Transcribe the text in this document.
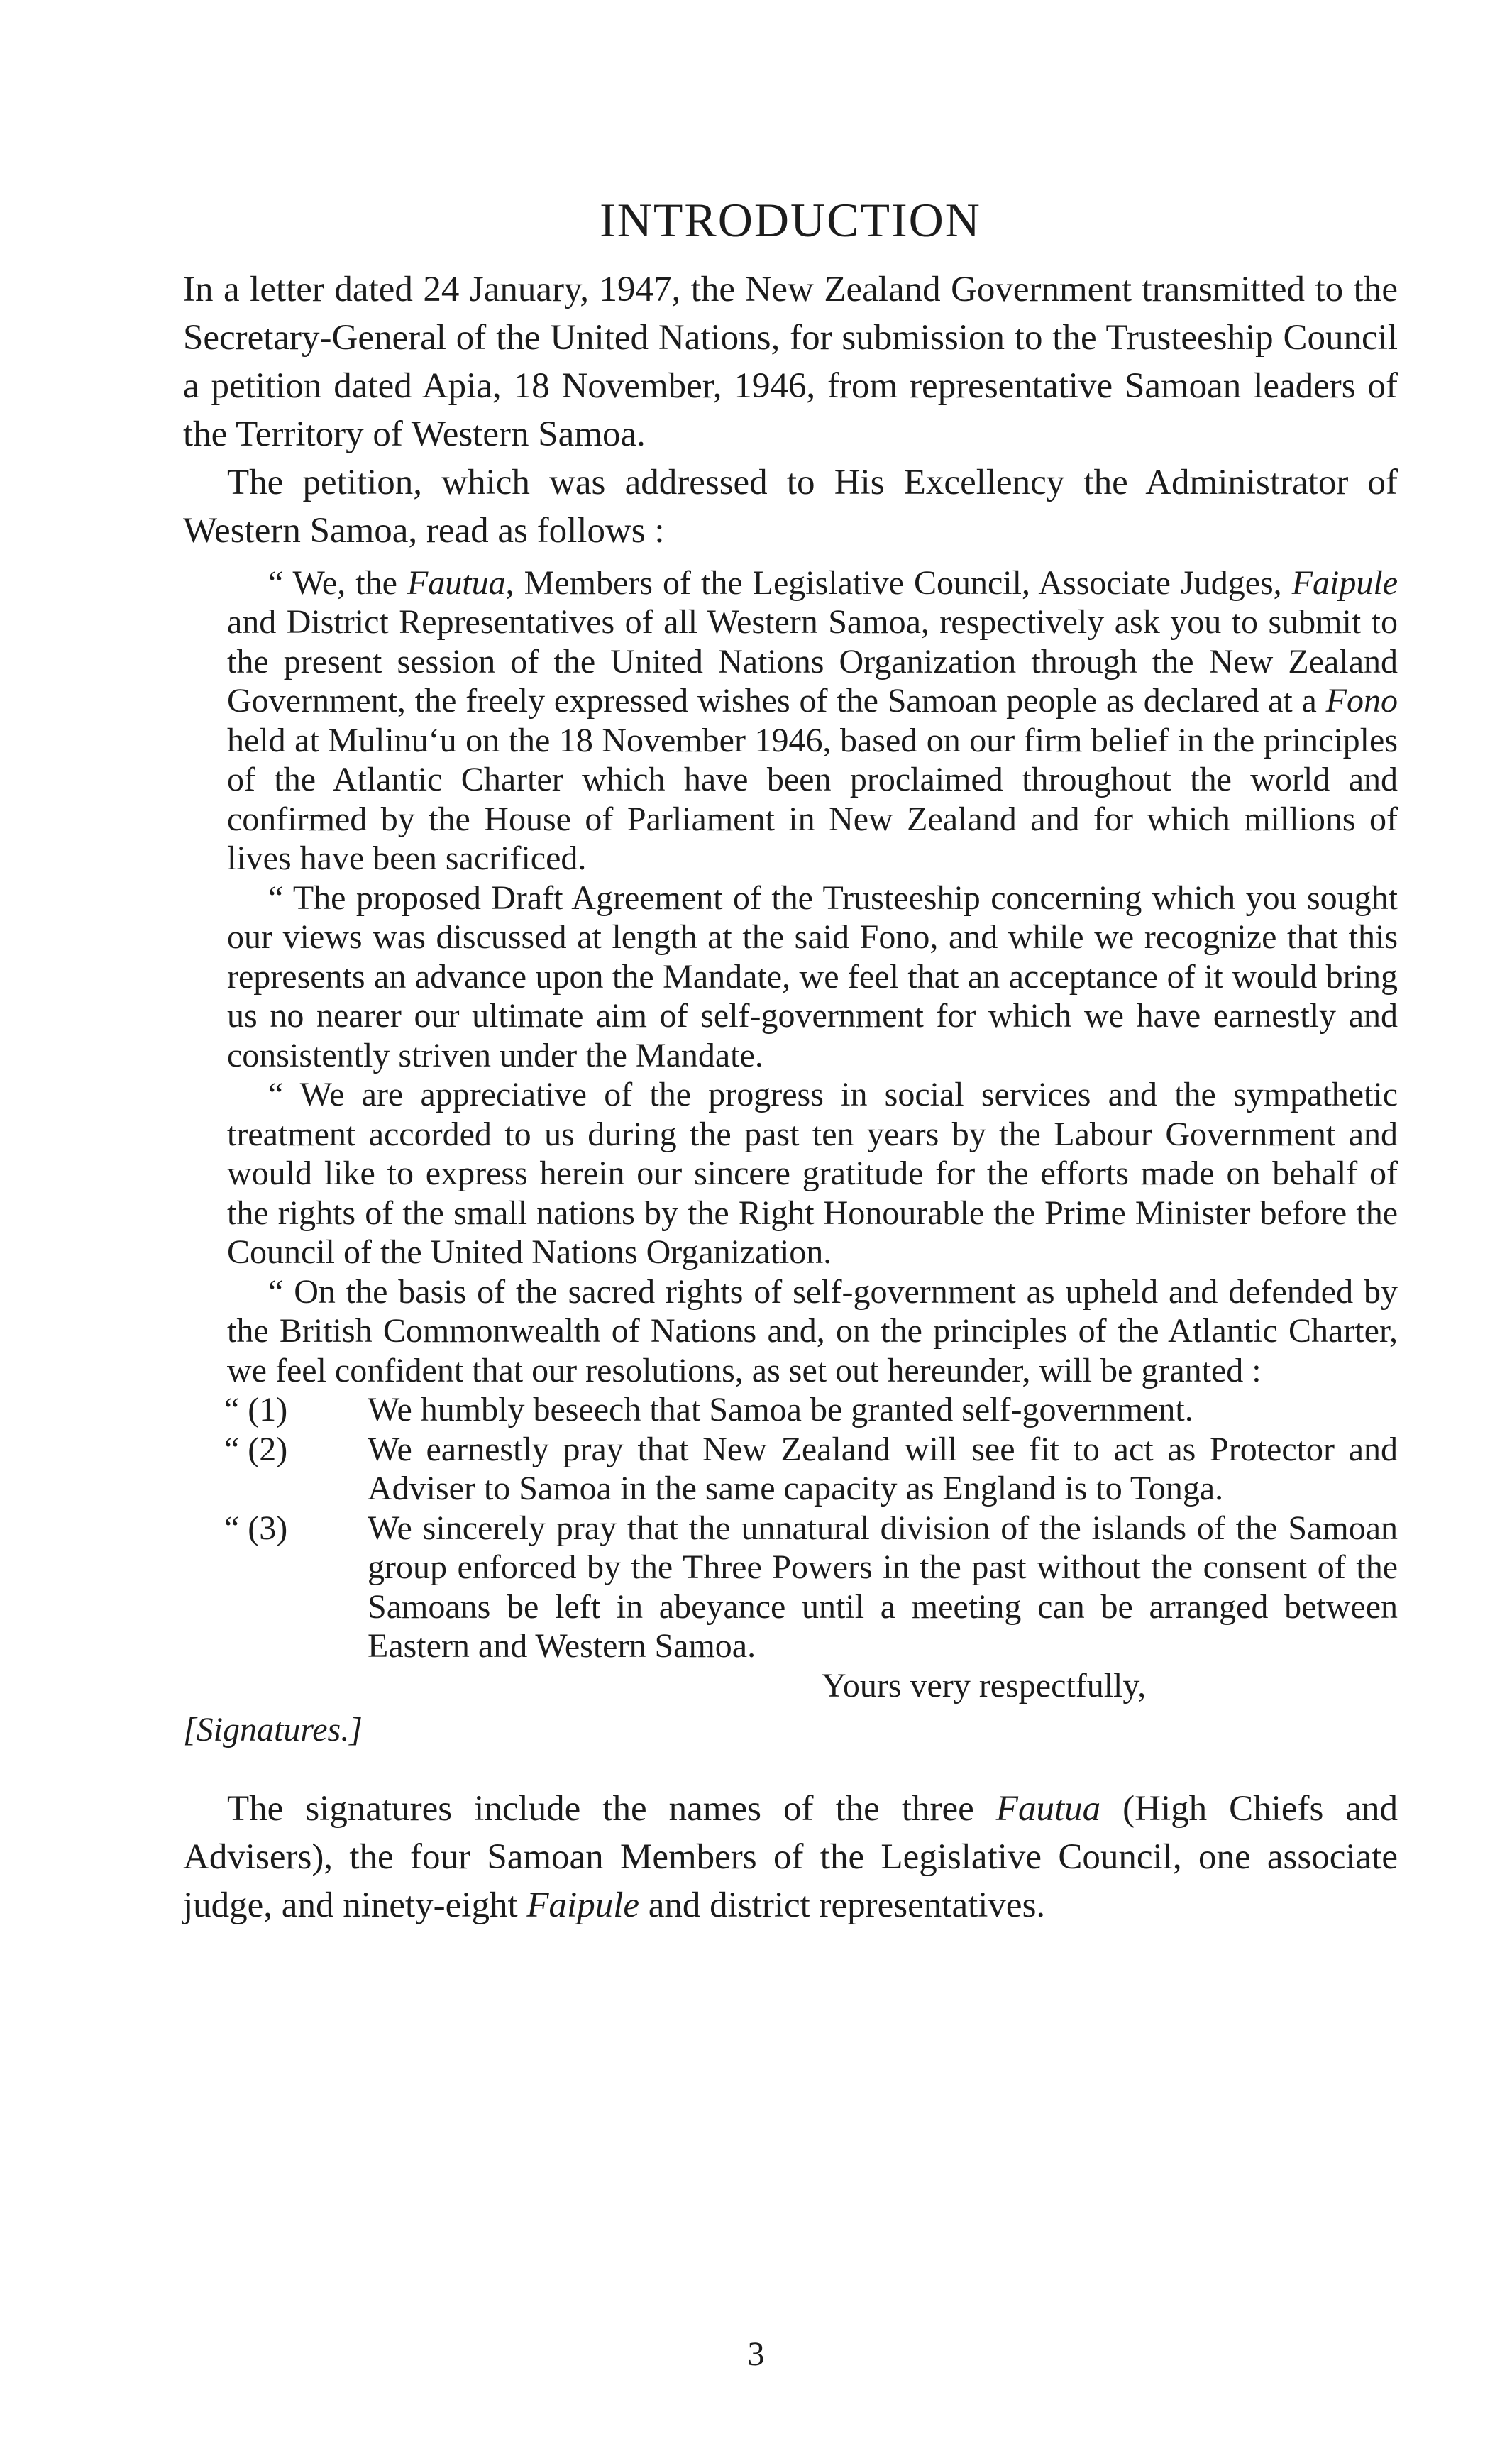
INTRODUCTION

In a letter dated 24 January, 1947, the New Zealand Government transmitted to the Secretary-General of the United Nations, for submission to the Trusteeship Council a petition dated Apia, 18 November, 1946, from representative Samoan leaders of the Territory of Western Samoa.

The petition, which was addressed to His Excellency the Administrator of Western Samoa, read as follows :

“ We, the Fautua, Members of the Legislative Council, Associate Judges, Faipule and District Representatives of all Western Samoa, respectively ask you to submit to the present session of the United Nations Organization through the New Zealand Government, the freely expressed wishes of the Samoan people as declared at a Fono held at Mulinu‘u on the 18 November 1946, based on our firm belief in the principles of the Atlantic Charter which have been proclaimed throughout the world and confirmed by the House of Parliament in New Zealand and for which millions of lives have been sacrificed.

“ The proposed Draft Agreement of the Trusteeship concerning which you sought our views was discussed at length at the said Fono, and while we recognize that this represents an advance upon the Mandate, we feel that an acceptance of it would bring us no nearer our ultimate aim of self-government for which we have earnestly and consistently striven under the Mandate.

“ We are appreciative of the progress in social services and the sympathetic treatment accorded to us during the past ten years by the Labour Government and would like to express herein our sincere gratitude for the efforts made on behalf of the rights of the small nations by the Right Honourable the Prime Minister before the Council of the United Nations Organization.

“ On the basis of the sacred rights of self-government as upheld and defended by the British Commonwealth of Nations and, on the principles of the Atlantic Charter, we feel confident that our resolutions, as set out hereunder, will be granted :

“ (1)	We humbly beseech that Samoa be granted self-government.
“ (2)	We earnestly pray that New Zealand will see fit to act as Protector and Adviser to Samoa in the same capacity as England is to Tonga.
“ (3)	We sincerely pray that the unnatural division of the islands of the Samoan group enforced by the Three Powers in the past without the consent of the Samoans be left in abeyance until a meeting can be arranged between Eastern and Western Samoa.

Yours very respectfully,

[Signatures.]

The signatures include the names of the three Fautua (High Chiefs and Advisers), the four Samoan Members of the Legislative Council, one associate judge, and ninety-eight Faipule and district representatives.

3
